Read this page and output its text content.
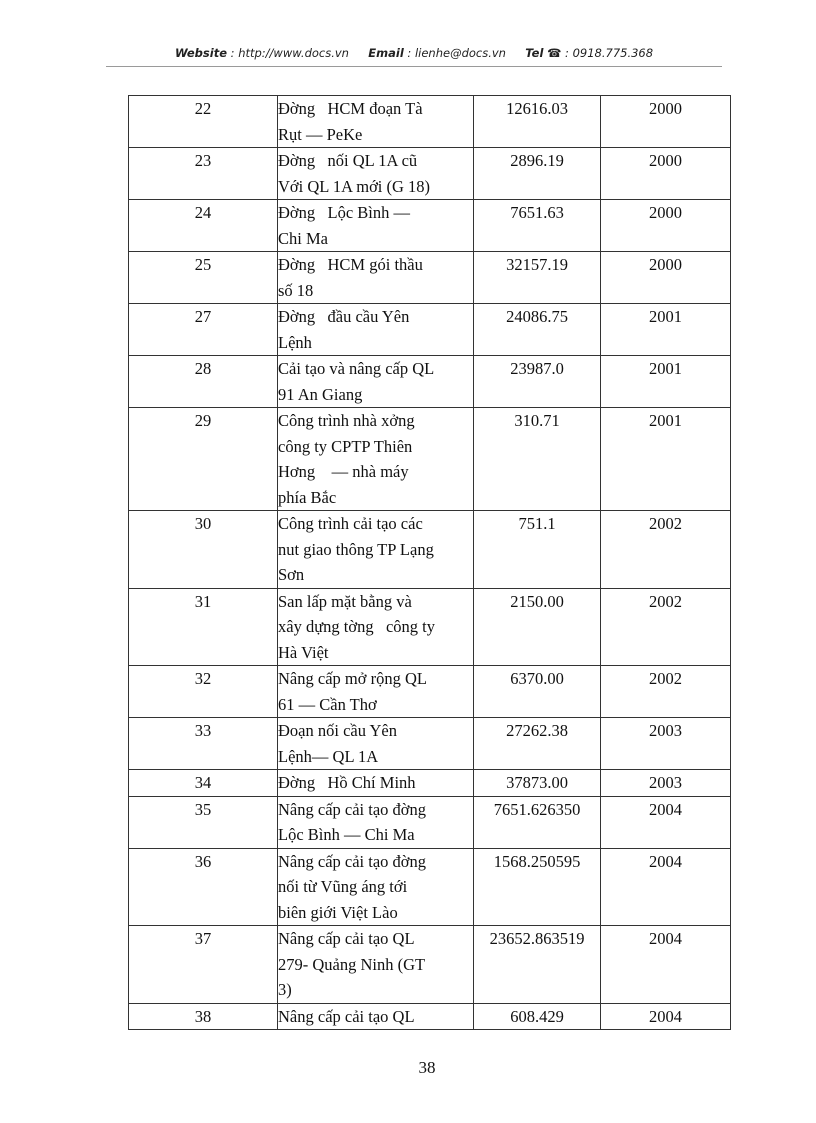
Website : http://www.docs.vn Email : lienhe@docs.vn Tel ☎ : 0918.775.368
22	Đờng   HCM đoạn Tà
Rụt — PeKe	12616.03	2000
23	Đờng   nối QL 1A cũ
Với QL 1A mới (G 18)	2896.19	2000
24	Đờng   Lộc Bình —
Chi Ma	7651.63	2000
25	Đờng   HCM gói thầu
số 18	32157.19	2000
27	Đờng   đầu cầu Yên
Lệnh	24086.75	2001
28	Cải tạo và nâng cấp QL
91 An Giang	23987.0	2001
29	Công trình nhà xởng
công ty CPTP Thiên
Hơng    — nhà máy
phía Bắc	310.71	2001
30	Công trình cải tạo các
nut giao thông TP Lạng
Sơn	751.1	2002
31	San lấp mặt bằng và
xây dựng tờng   công ty
Hà Việt	2150.00	2002
32	Nâng cấp mở rộng QL
61 — Cần Thơ	6370.00	2002
33	Đoạn nối cầu Yên
Lệnh— QL 1A	27262.38	2003
34	Đờng   Hồ Chí Minh	37873.00	2003
35	Nâng cấp cải tạo đờng
Lộc Bình — Chi Ma	7651.626350	2004
36	Nâng cấp cải tạo đờng
nối từ Vũng áng tới
biên giới Việt Lào	1568.250595	2004
37	Nâng cấp cải tạo QL
279- Quảng Ninh (GT
3)	23652.863519	2004
38	Nâng cấp cải tạo QL	608.429	2004
38
